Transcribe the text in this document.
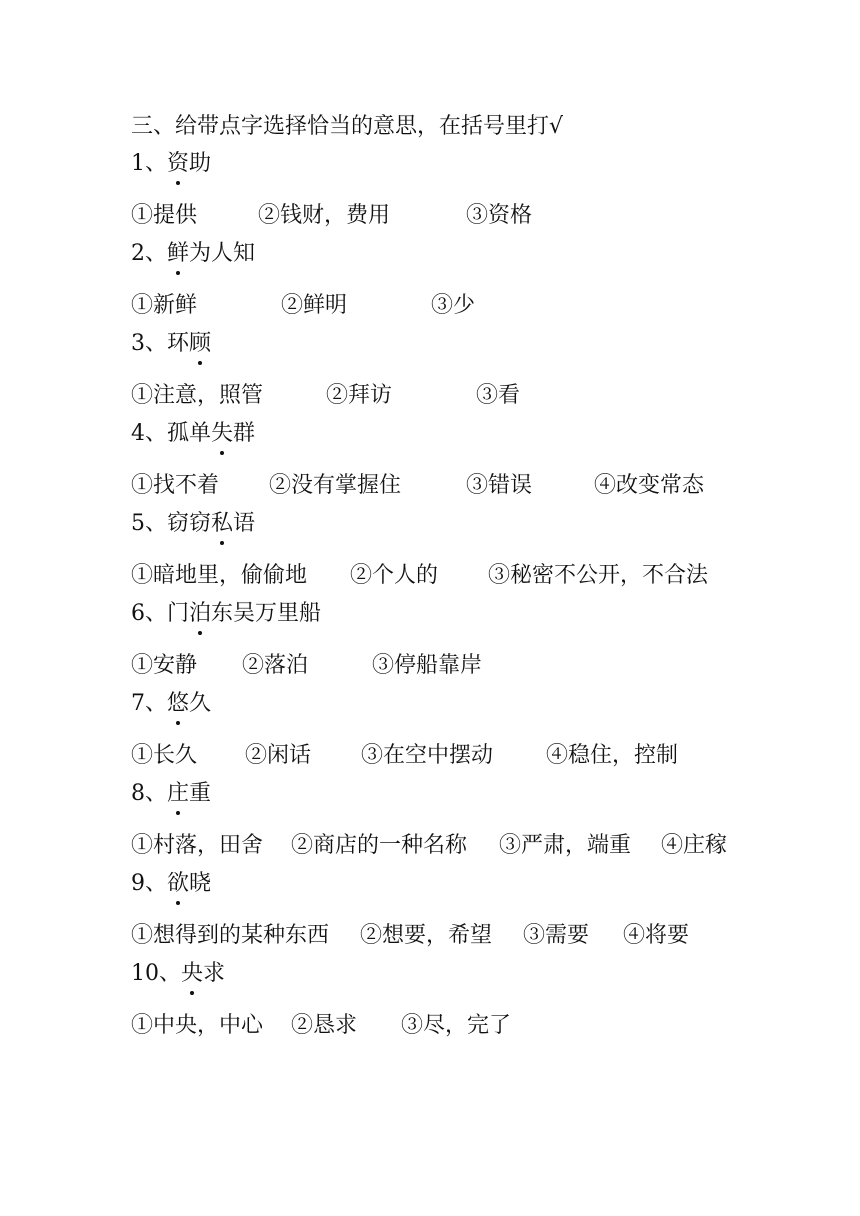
三、给带点字选择恰当的意思，在括号里打√
1、资助
①提供	②钱财，费用	③资格
2、鲜为人知
①新鲜	②鲜明	③少
3、环顾
①注意，照管	②拜访	③看
4、孤单失群
①找不着 ②没有掌握住	③错误	④改变常态
5、窃窃私语
①暗地里，偷偷地 ②个人的 ③秘密不公开，不合法
6、门泊东吴万里船
①安静 ②落泊	③停船靠岸
7、悠久
①长久 ②闲话 ③在空中摆动 ④稳住，控制
8、庄重
①村落，田舍 ②商店的一种名称 ③严肃，端重 ④庄稼
9、欲晓
①想得到的某种东西 ②想要，希望 ③需要 ④将要
10、央求
①中央，中心 ②恳求 ③尽，完了
